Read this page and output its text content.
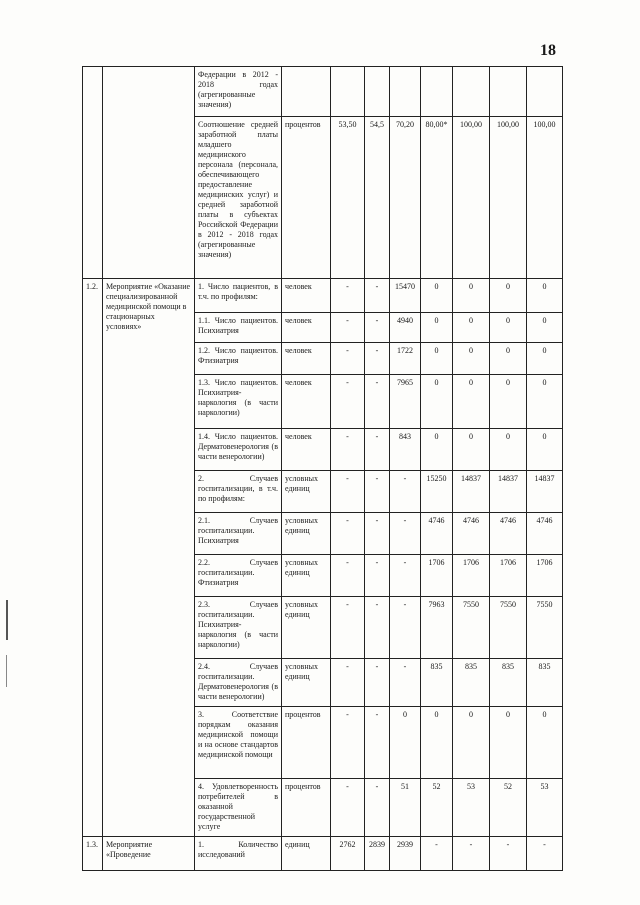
18
		Федерации в 2012 - 2018 годах (агрегированные значения)								
		Соотношение средней заработной платы младшего медицинского персонала (персонала, обеспечивающего предоставление медицинских услуг) и средней заработной платы в субъектах Российской Федерации в 2012 - 2018 годах (агрегированные значения)	процентов	53,50	54,5	70,20	80,00*	100,00	100,00	100,00
1.2.	Мероприятие «Оказание специализированной медицинской помощи в стационарных условиях»	1. Число пациентов, в т.ч. по профилям:	человек	-	-	15470	0	0	0	0
		1.1. Число пациентов. Психиатрия	человек	-	-	4940	0	0	0	0
		1.2. Число пациентов. Фтизиатрия	человек	-	-	1722	0	0	0	0
		1.3. Число пациентов. Психиатрия-наркология (в части наркологии)	человек	-	-	7965	0	0	0	0
		1.4. Число пациентов. Дерматовенерология (в части венерологии)	человек	-	-	843	0	0	0	0
		2. Случаев госпитализации, в т.ч. по профилям:	условных единиц	-	-	-	15250	14837	14837	14837
		2.1. Случаев госпитализации. Психиатрия	условных единиц	-	-	-	4746	4746	4746	4746
		2.2. Случаев госпитализации. Фтизиатрия	условных единиц	-	-	-	1706	1706	1706	1706
		2.3. Случаев госпитализации. Психиатрия-наркология (в части наркологии)	условных единиц	-	-	-	7963	7550	7550	7550
		2.4. Случаев госпитализации. Дерматовенерология (в части венерологии)	условных единиц	-	-	-	835	835	835	835
		3. Соответствие порядкам оказания медицинской помощи и на основе стандартов медицинской помощи	процентов	-	-	0	0	0	0	0
		4. Удовлетворенность потребителей в оказанной государственной услуге	процентов	-	-	51	52	53	52	53
1.3.	Мероприятие «Проведение	1. Количество исследований	единиц	2762	2839	2939	-	-	-	-
